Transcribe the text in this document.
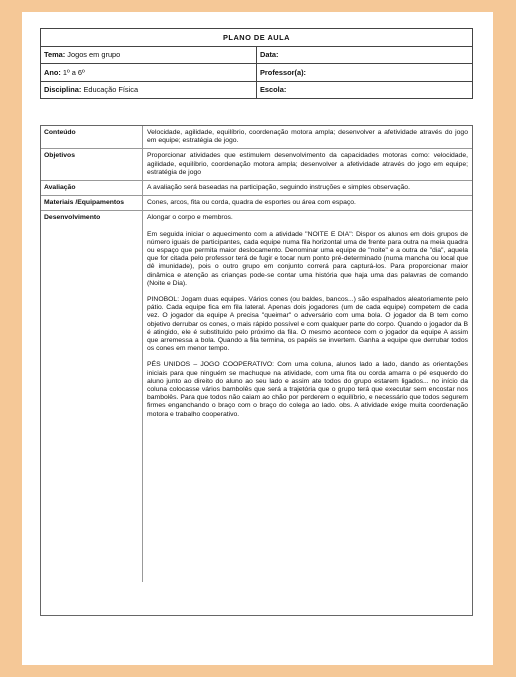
PLANO DE AULA	
Tema: Jogos em grupo	Data:
Ano: 1º a 6º	Professor(a):
Disciplina: Educação Física	Escola:
Conteúdo	Velocidade, agilidade, equilíbrio, coordenação motora ampla; desenvolver a afetividade através do jogo em equipe; estratégia de jogo.
Objetivos	Proporcionar atividades que estimulem desenvolvimento da capacidades motoras como: velocidade, agilidade, equilíbrio, coordenação motora ampla; desenvolver a afetividade através do jogo em equipe; estratégia de jogo
Avaliação	A avaliação será baseadas na participação, seguindo instruções e simples observação.
Materiais /Equipamentos	Cones, arcos, fita ou corda, quadra de esportes ou área com espaço.
Desenvolvimento	Alongar o corpo e membros.

Em seguida iniciar o aquecimento com a atividade "NOITE E DIA": Dispor os alunos em dois grupos de número iguais de participantes, cada equipe numa fila horizontal uma de frente para outra na meia quadra ou espaço que permita maior deslocamento. Denominar uma equipe de "noite" e a outra de "dia", aquela que for citada pelo professor terá de fugir e tocar num ponto pré-determinado (numa mancha ou local que dê imunidade), pois o outro grupo em conjunto correrá para capturá-los. Para proporcionar maior dinâmica e atenção as crianças pode-se contar uma história que haja uma das palavras de comando (Noite e Dia).

PINOBOL: Jogam duas equipes. Vários cones (ou baldes, bancos...) são espalhados aleatoriamente pelo pátio. Cada equipe fica em fila lateral. Apenas dois jogadores (um de cada equipe) competem de cada vez. O jogador da equipe A precisa "queimar" o adversário com uma bola. O jogador da B tem como objetivo derrubar os cones, o mais rápido possível e com qualquer parte do corpo. Quando o jogador da B é atingido, ele é substituído pelo próximo da fila. O mesmo acontece com o jogador da equipe A assim que arremessa a bola. Quando a fila termina, os papéis se invertem. Ganha a equipe que derrubar todos os cones em menor tempo.

PÉS UNIDOS – JOGO COOPERATIVO: Com uma coluna, alunos lado a lado, dando as orientações iniciais para que ninguém se machuque na atividade, com uma fita ou corda amarra o pé esquerdo do aluno junto ao direito do aluno ao seu lado e assim ate todos do grupo estarem ligados... no início da coluna colocasse vários bambolês que será a trajetória que o grupo terá que executar sem encostar nos bambolês. Para que todos não caiam ao chão por perderem o equilíbrio, e necessário que todos segurem firmes enganchando o braço com o braço do colega ao lado. obs. A atividade exige muita coordenação motora e trabalho cooperativo.
